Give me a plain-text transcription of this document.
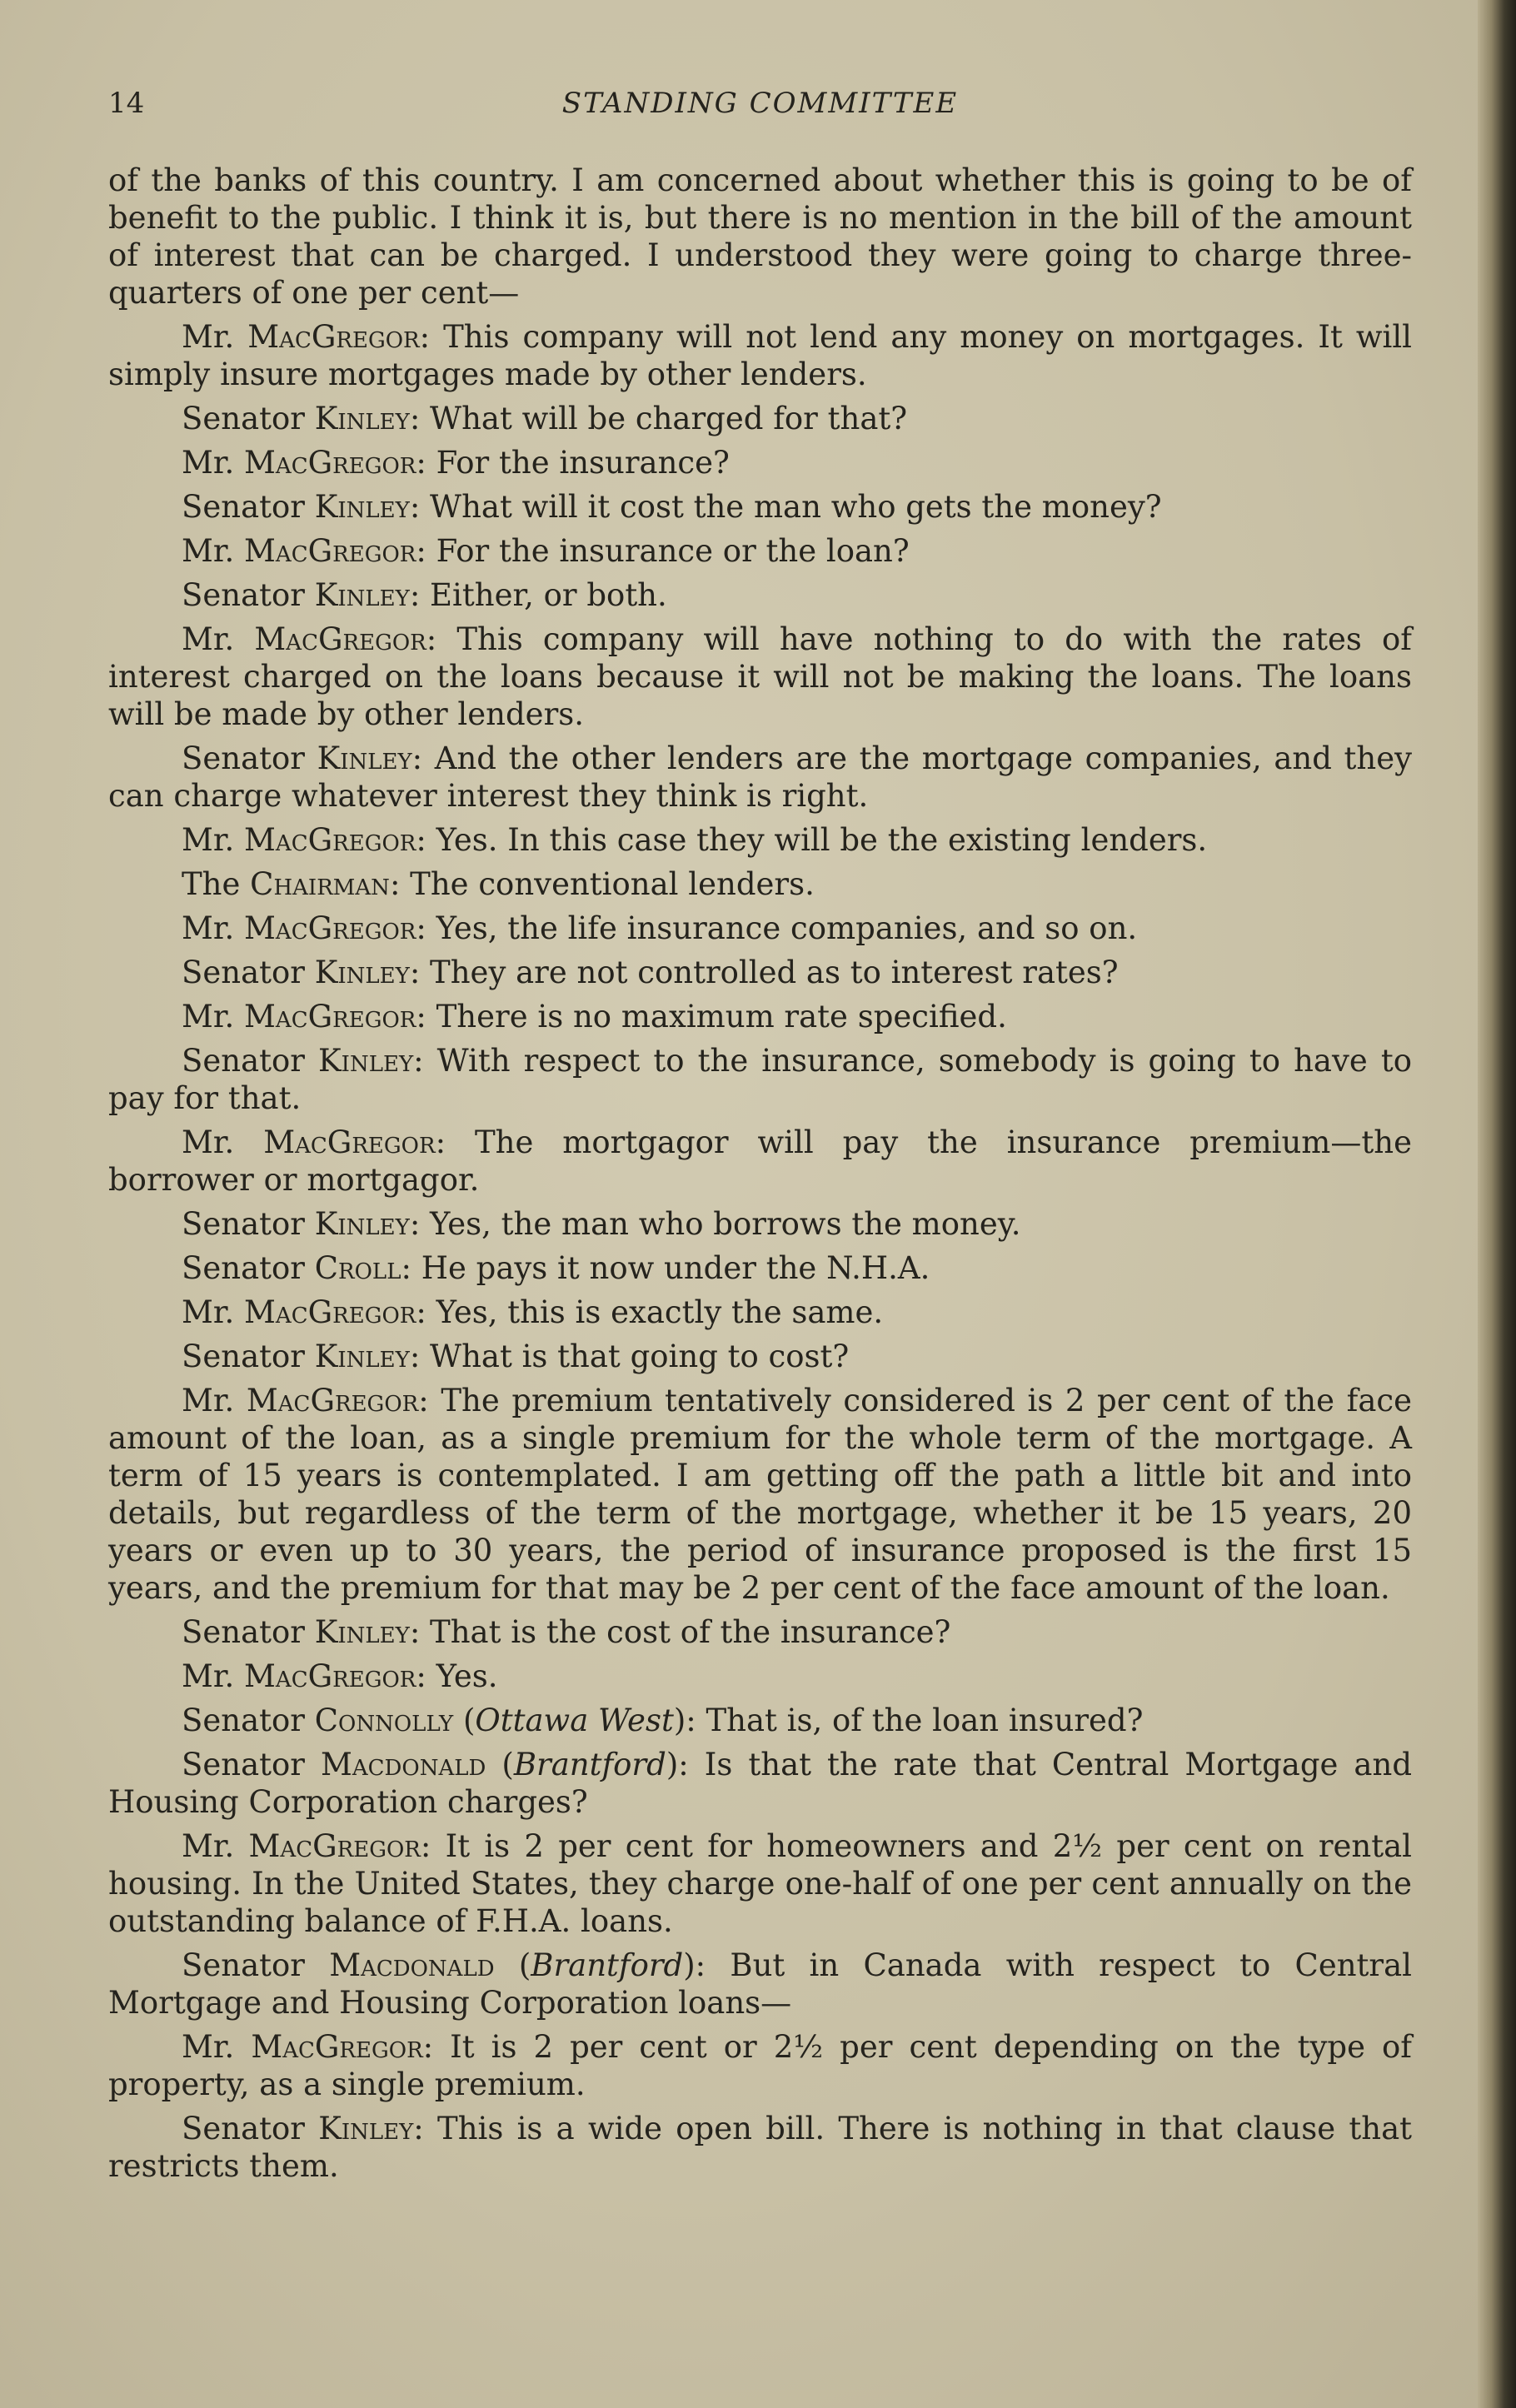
14	STANDING COMMITTEE

of the banks of this country. I am concerned about whether this is going to be of benefit to the public. I think it is, but there is no mention in the bill of the amount of interest that can be charged. I understood they were going to charge three-quarters of one per cent—

Mr. MacGregor: This company will not lend any money on mortgages. It will simply insure mortgages made by other lenders.

Senator Kinley: What will be charged for that?

Mr. MacGregor: For the insurance?

Senator Kinley: What will it cost the man who gets the money?

Mr. MacGregor: For the insurance or the loan?

Senator Kinley: Either, or both.

Mr. MacGregor: This company will have nothing to do with the rates of interest charged on the loans because it will not be making the loans. The loans will be made by other lenders.

Senator Kinley: And the other lenders are the mortgage companies, and they can charge whatever interest they think is right.

Mr. MacGregor: Yes. In this case they will be the existing lenders.

The Chairman: The conventional lenders.

Mr. MacGregor: Yes, the life insurance companies, and so on.

Senator Kinley: They are not controlled as to interest rates?

Mr. MacGregor: There is no maximum rate specified.

Senator Kinley: With respect to the insurance, somebody is going to have to pay for that.

Mr. MacGregor: The mortgagor will pay the insurance premium—the borrower or mortgagor.

Senator Kinley: Yes, the man who borrows the money.

Senator Croll: He pays it now under the N.H.A.

Mr. MacGregor: Yes, this is exactly the same.

Senator Kinley: What is that going to cost?

Mr. MacGregor: The premium tentatively considered is 2 per cent of the face amount of the loan, as a single premium for the whole term of the mortgage. A term of 15 years is contemplated. I am getting off the path a little bit and into details, but regardless of the term of the mortgage, whether it be 15 years, 20 years or even up to 30 years, the period of insurance proposed is the first 15 years, and the premium for that may be 2 per cent of the face amount of the loan.

Senator Kinley: That is the cost of the insurance?

Mr. MacGregor: Yes.

Senator Connolly (Ottawa West): That is, of the loan insured?

Senator Macdonald (Brantford): Is that the rate that Central Mortgage and Housing Corporation charges?

Mr. MacGregor: It is 2 per cent for homeowners and 2½ per cent on rental housing. In the United States, they charge one-half of one per cent annually on the outstanding balance of F.H.A. loans.

Senator Macdonald (Brantford): But in Canada with respect to Central Mortgage and Housing Corporation loans—

Mr. MacGregor: It is 2 per cent or 2½ per cent depending on the type of property, as a single premium.

Senator Kinley: This is a wide open bill. There is nothing in that clause that restricts them.
